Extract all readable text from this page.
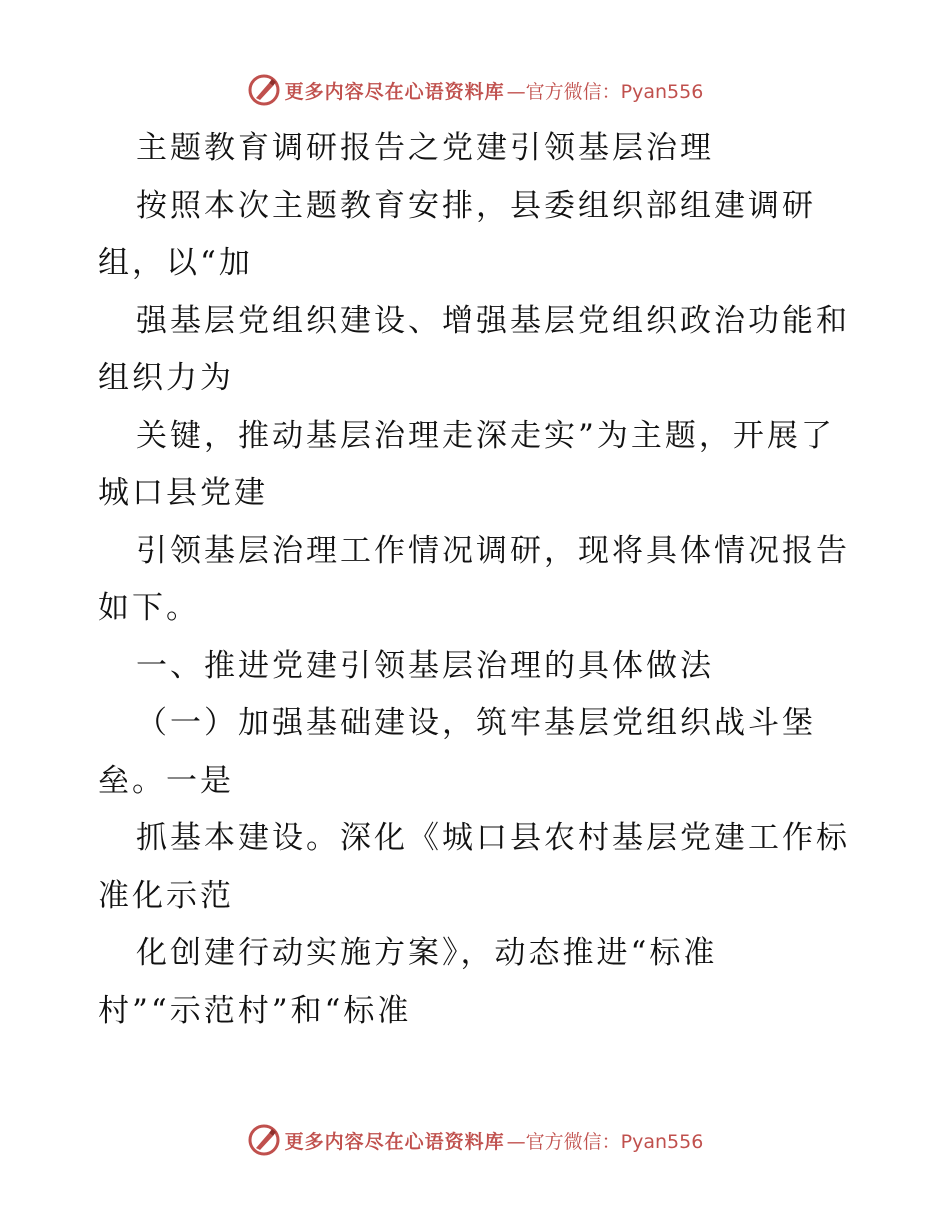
更多内容尽在心语资料库 —官方微信：Pyan556
主题教育调研报告之党建引领基层治理
按照本次主题教育安排，县委组织部组建调研
组，以“加
强基层党组织建设、增强基层党组织政治功能和
组织力为
关键，推动基层治理走深走实”为主题，开展了
城口县党建
引领基层治理工作情况调研，现将具体情况报告
如下。
一、推进党建引领基层治理的具体做法
（一）加强基础建设，筑牢基层党组织战斗堡
垒。一是
抓基本建设。深化《城口县农村基层党建工作标
准化示范
化创建行动实施方案》，动态推进“标准
村”“示范村”和“标准
更多内容尽在心语资料库 —官方微信：Pyan556
